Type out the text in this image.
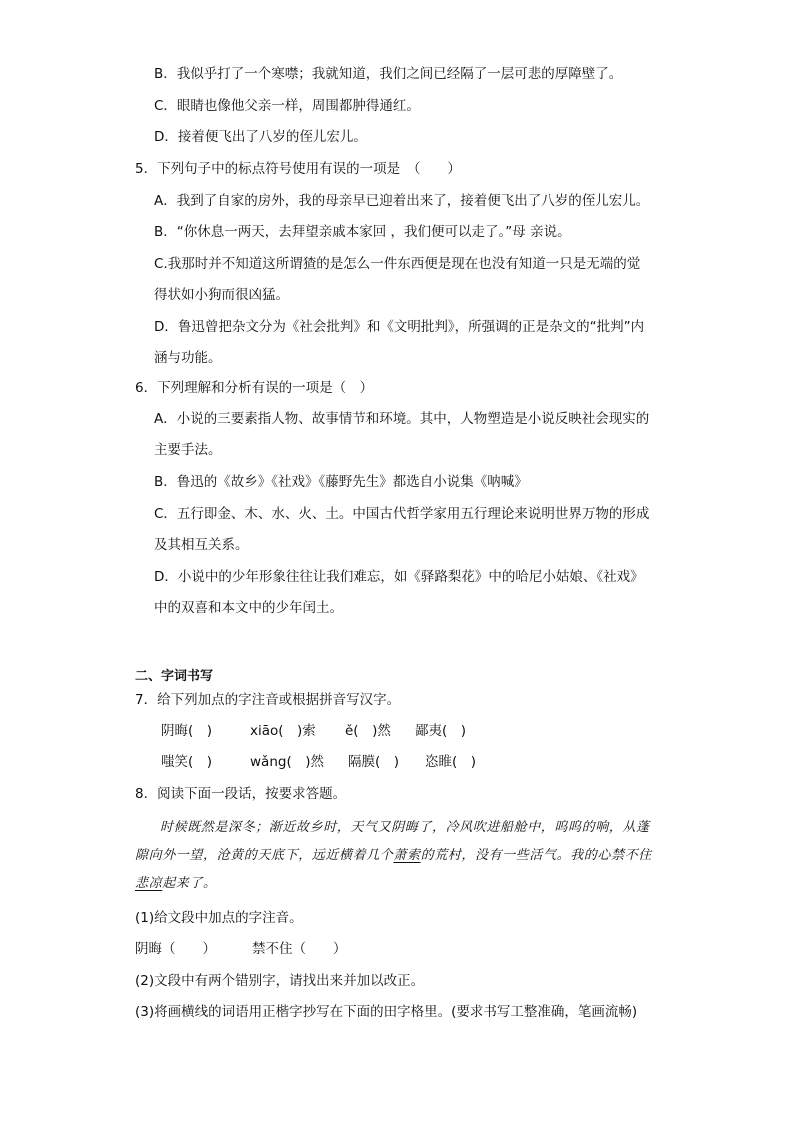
B．我似乎打了一个寒噤；我就知道，我们之间已经隔了一层可悲的厚障壁了。
C．眼睛也像他父亲一样，周围都肿得通红。
D．接着便飞出了八岁的侄儿宏儿。
5．下列句子中的标点符号使用有误的一项是　（　　）
A．我到了自家的房外，我的母亲早已迎着出来了，接着便飞出了八岁的侄儿宏儿。
B．“你休息一两天，去拜望亲戚本家回 ，我们便可以走了。”母 亲说。
C.我那时并不知道这所谓猹的是怎么一件东西便是现在也没有知道一只是无端的觉
得状如小狗而很凶猛。
D．鲁迅曾把杂文分为《社会批判》和《文明批判》，所强调的正是杂文的“批判”内
涵与功能。
6．下列理解和分析有误的一项是（　）
A．小说的三要素指人物、故事情节和环境。其中，人物塑造是小说反映社会现实的
主要手法。
B．鲁迅的《故乡》《社戏》《藤野先生》都选自小说集《呐喊》
C．五行即金、木、水、火、土。中国古代哲学家用五行理论来说明世界万物的形成
及其相互关系。
D．小说中的少年形象往往让我们难忘，如《驿路梨花》中的哈尼小姑娘、《社戏》
中的双喜和本文中的少年闰土。
二、字词书写
7．给下列加点的字注音或根据拼音写汉字。
阴晦(　)	xiāo(　)索 ě(　)然 鄙夷(　)
嗤笑(　)	wǎng(　)然 隔膜(　) 恣睢(　)
8．阅读下面一段话，按要求答题。
时候既然是深冬；渐近故乡时，天气又阴晦了，冷风吹进船舱中，呜呜的响，从蓬
隙向外一望，沧黄的天底下，远近横着几个萧索的荒村，没有一些活气。我的心禁不住
悲凉起来了。
(1)给文段中加点的字注音。
阴晦（　　）	禁不住（　　）
(2)文段中有两个错别字，请找出来并加以改正。
(3)将画横线的词语用正楷字抄写在下面的田字格里。(要求书写工整准确，笔画流畅)
